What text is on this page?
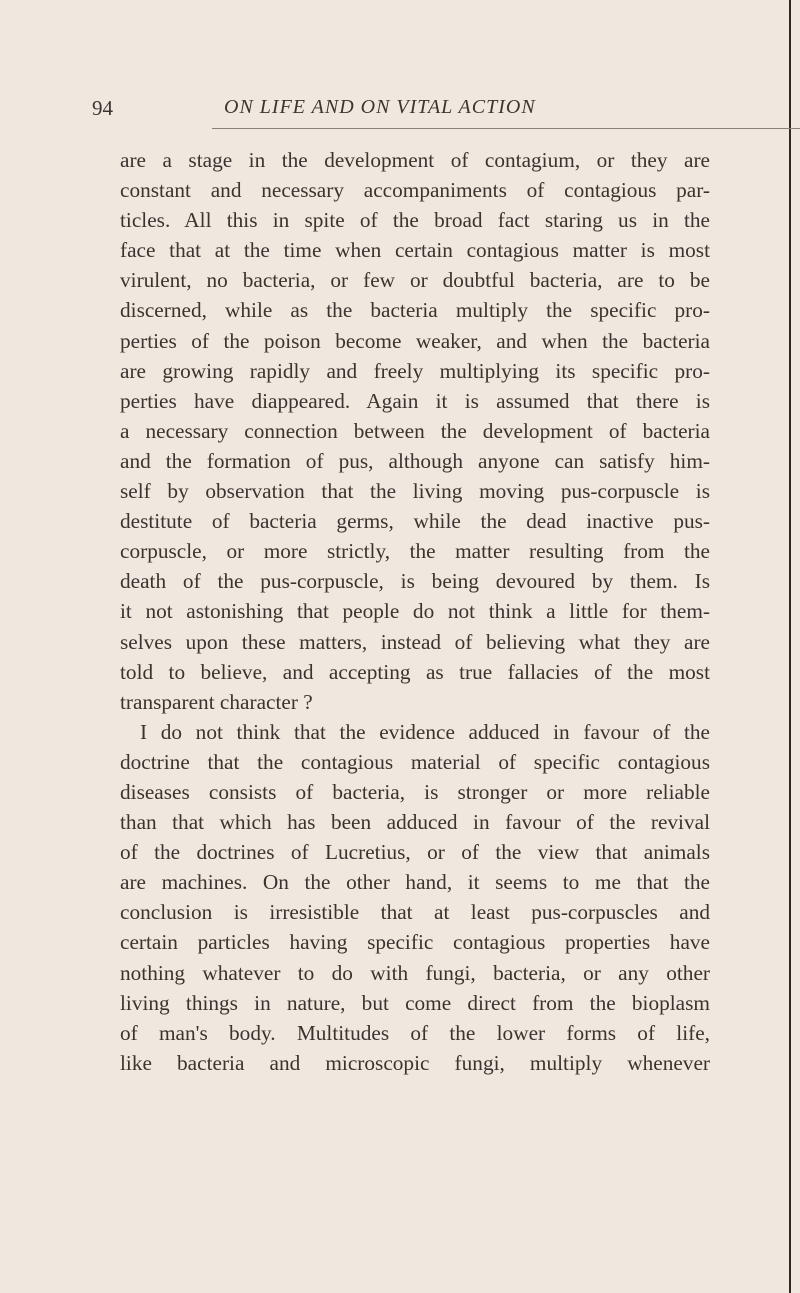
94	ON LIFE AND ON VITAL ACTION
are a stage in the development of contagium, or they are
constant and necessary accompaniments of contagious par-
ticles. All this in spite of the broad fact staring us in the
face that at the time when certain contagious matter is most
virulent, no bacteria, or few or doubtful bacteria, are to be
discerned, while as the bacteria multiply the specific pro-
perties of the poison become weaker, and when the bacteria
are growing rapidly and freely multiplying its specific pro-
perties have diappeared. Again it is assumed that there is
a necessary connection between the development of bacteria
and the formation of pus, although anyone can satisfy him-
self by observation that the living moving pus-corpuscle is
destitute of bacteria germs, while the dead inactive pus-
corpuscle, or more strictly, the matter resulting from the
death of the pus-corpuscle, is being devoured by them. Is
it not astonishing that people do not think a little for them-
selves upon these matters, instead of believing what they are
told to believe, and accepting as true fallacies of the most
transparent character ?
I do not think that the evidence adduced in favour of the
doctrine that the contagious material of specific contagious
diseases consists of bacteria, is stronger or more reliable
than that which has been adduced in favour of the revival
of the doctrines of Lucretius, or of the view that animals
are machines. On the other hand, it seems to me that the
conclusion is irresistible that at least pus-corpuscles and
certain particles having specific contagious properties have
nothing whatever to do with fungi, bacteria, or any other
living things in nature, but come direct from the bioplasm
of man's body. Multitudes of the lower forms of life,
like bacteria and microscopic fungi, multiply whenever
